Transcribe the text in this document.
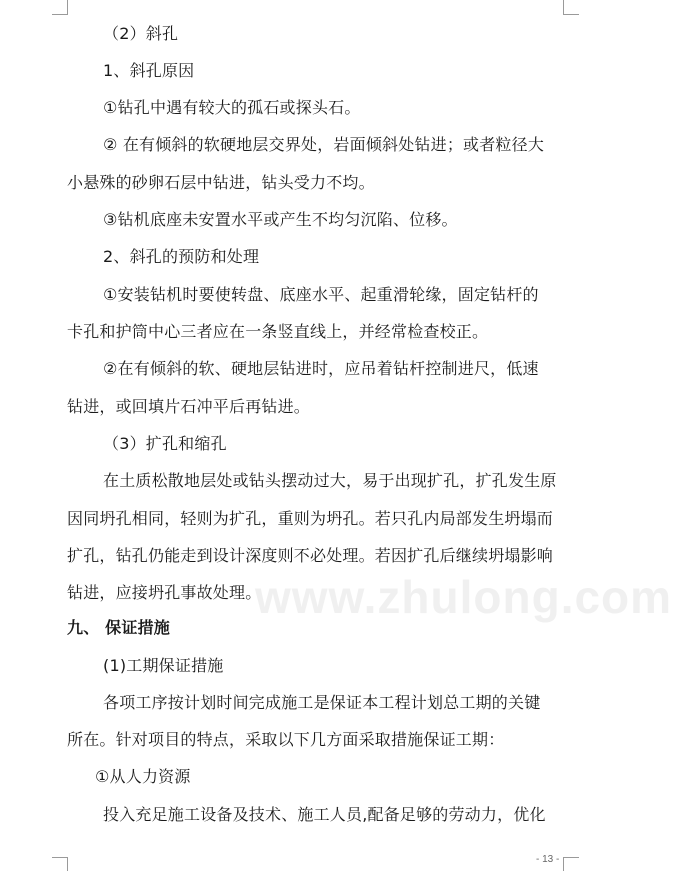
www.zhulong.com
（2）斜孔
1、斜孔原因
①钻孔中遇有较大的孤石或探头石。
② 在有倾斜的软硬地层交界处，岩面倾斜处钻进；或者粒径大
小悬殊的砂卵石层中钻进，钻头受力不均。
③钻机底座未安置水平或产生不均匀沉陷、位移。
2、斜孔的预防和处理
①安装钻机时要使转盘、底座水平、起重滑轮缘，固定钻杆的
卡孔和护筒中心三者应在一条竖直线上，并经常检查校正。
②在有倾斜的软、硬地层钻进时，应吊着钻杆控制进尺，低速
钻进，或回填片石冲平后再钻进。
（3）扩孔和缩孔
在土质松散地层处或钻头摆动过大，易于出现扩孔，扩孔发生原
因同坍孔相同，轻则为扩孔，重则为坍孔。若只孔内局部发生坍塌而
扩孔，钻孔仍能走到设计深度则不必处理。若因扩孔后继续坍塌影响
钻进，应接坍孔事故处理。
九、 保证措施
(1)工期保证措施
各项工序按计划时间完成施工是保证本工程计划总工期的关键
所在。针对项目的特点，采取以下几方面采取措施保证工期：
①从人力资源
投入充足施工设备及技术、施工人员,配备足够的劳动力，优化
- 13 -
